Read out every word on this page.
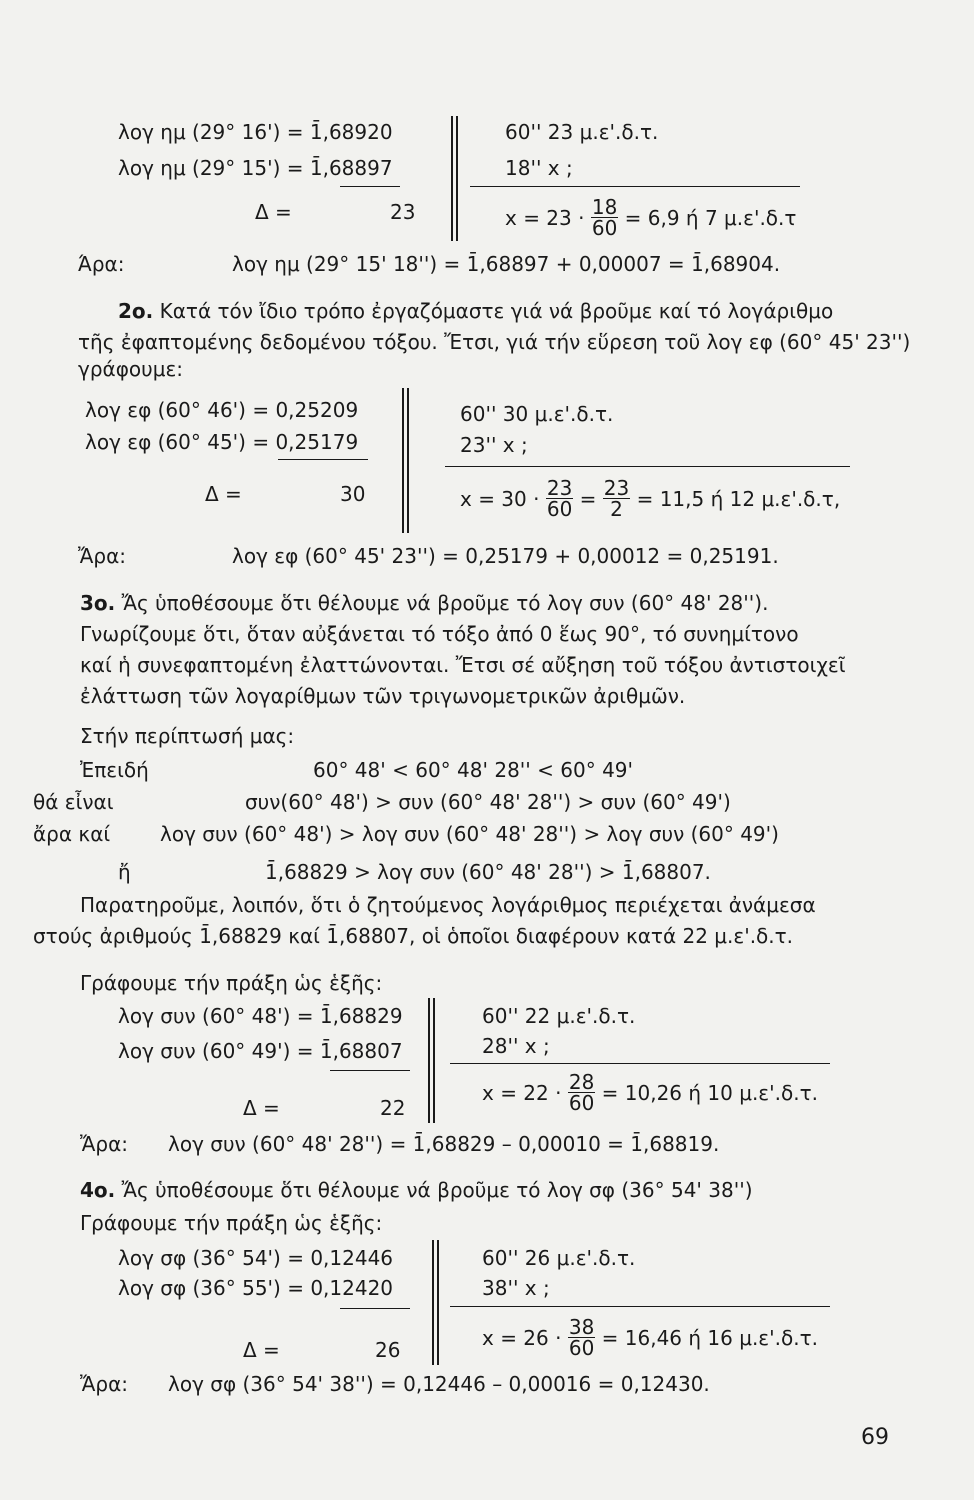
λογ ημ (29° 16') = 1̄,68920
λογ ημ (29° 15') = 1̄,68897
Δ =	23
60'' 23 μ.ε'.δ.τ.
18'' x ;
$x = 23 \cdot \frac{18}{60} = 6,9$ ή 7 μ.ε'.δ.τ
Άρα:	λογ ημ (29° 15' 18'') = 1̄,68897 + 0,00007 = 1̄,68904.
2ο. Κατά τόν ἴδιο τρόπο ἐργαζόμαστε γιά νά βροῦμε καί τό λογάριθμο
τῆς ἐφαπτομένης δεδομένου τόξου. Ἔτσι, γιά τήν εὕρεση τοῦ λογ εφ (60° 45' 23'')
γράφουμε:
λογ εφ (60° 46') = 0,25209
λογ εφ (60° 45') = 0,25179
Δ =	30
60'' 30 μ.ε'.δ.τ.
23'' x ;
$x = 30 \cdot \frac{23}{60} = \frac{23}{2} = 11,5$ ή 12 μ.ε'.δ.τ,
Ἄρα:	λογ εφ (60° 45' 23'') = 0,25179 + 0,00012 = 0,25191.
3ο. Ἄς ὑποθέσουμε ὅτι θέλουμε νά βροῦμε τό λογ συν (60° 48' 28'').
Γνωρίζουμε ὅτι, ὅταν αὐξάνεται τό τόξο ἀπό 0 ἕως 90°, τό συνημίτονο
καί ἡ συνεφαπτομένη ἐλαττώνονται. Ἔτσι σέ αὔξηση τοῦ τόξου ἀντιστοιχεῖ
ἐλάττωση τῶν λογαρίθμων τῶν τριγωνομετρικῶν ἀριθμῶν.
Στήν περίπτωσή μας:
Ἐπειδή	60° 48' < 60° 48' 28'' < 60° 49'
θά εἶναι	συν(60° 48') > συν (60° 48' 28'') > συν (60° 49')
ἄρα καί λογ συν (60° 48') > λογ συν (60° 48' 28'') > λογ συν (60° 49')
ἤ	1̄,68829 > λογ συν (60° 48' 28'') > 1̄,68807.
Παρατηροῦμε, λοιπόν, ὅτι ὁ ζητούμενος λογάριθμος περιέχεται ἀνάμεσα
στούς ἀριθμούς 1̄,68829 καί 1̄,68807, οἱ ὁποῖοι διαφέρουν κατά 22 μ.ε'.δ.τ.
Γράφουμε τήν πράξη ὡς ἑξῆς:
λογ συν (60° 48') = 1̄,68829
λογ συν (60° 49') = 1̄,68807
Δ =	22
60'' 22 μ.ε'.δ.τ.
28'' x ;
$x = 22 \cdot \frac{28}{60} = 10,26$ ή 10 μ.ε'.δ.τ.
Ἄρα: λογ συν (60° 48' 28'') = 1̄,68829 – 0,00010 = 1̄,68819.
4ο. Ἄς ὑποθέσουμε ὅτι θέλουμε νά βροῦμε τό λογ σφ (36° 54' 38'')
Γράφουμε τήν πράξη ὡς ἑξῆς:
λογ σφ (36° 54') = 0,12446
λογ σφ (36° 55') = 0,12420
Δ =	26
60'' 26 μ.ε'.δ.τ.
38'' x ;
$x = 26 \cdot \frac{38}{60} = 16,46$ ή 16 μ.ε'.δ.τ.
Ἄρα: λογ σφ (36° 54' 38'') = 0,12446 – 0,00016 = 0,12430.
69
